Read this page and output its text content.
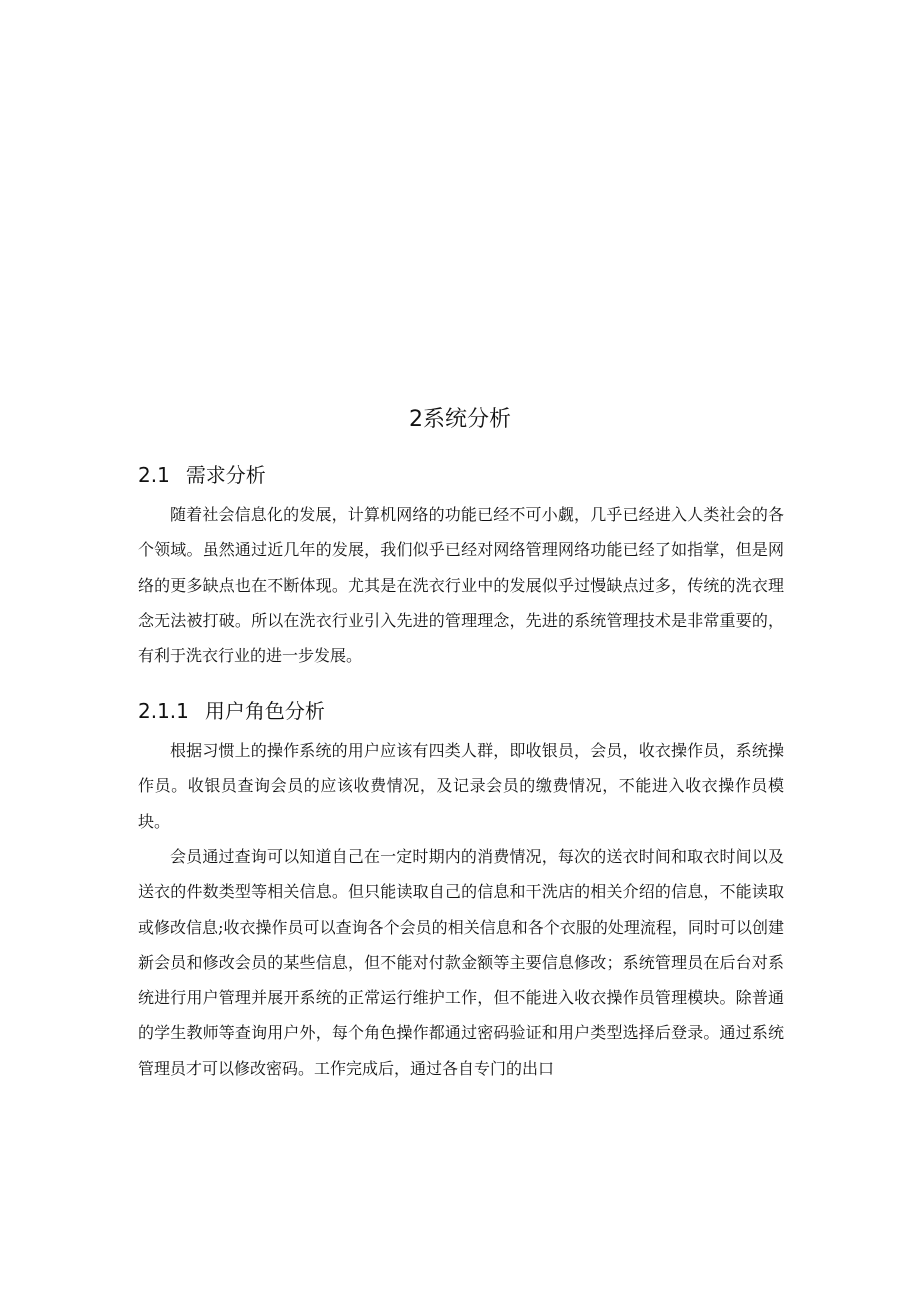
2系统分析
2.1 需求分析

随着社会信息化的发展，计算机网络的功能已经不可小觑，几乎已经进入人类社会的各个领域。虽然通过近几年的发展，我们似乎已经对网络管理网络功能已经了如指掌，但是网络的更多缺点也在不断体现。尤其是在洗衣行业中的发展似乎过慢缺点过多，传统的洗衣理念无法被打破。所以在洗衣行业引入先进的管理理念，先进的系统管理技术是非常重要的，有利于洗衣行业的进一步发展。

2.1.1 用户角色分析

根据习惯上的操作系统的用户应该有四类人群，即收银员，会员，收衣操作员，系统操作员。收银员查询会员的应该收费情况，及记录会员的缴费情况，不能进入收衣操作员模块。

会员通过查询可以知道自己在一定时期内的消费情况，每次的送衣时间和取衣时间以及送衣的件数类型等相关信息。但只能读取自己的信息和干洗店的相关介绍的信息，不能读取或修改信息;收衣操作员可以查询各个会员的相关信息和各个衣服的处理流程，同时可以创建新会员和修改会员的某些信息，但不能对付款金额等主要信息修改；系统管理员在后台对系统进行用户管理并展开系统的正常运行维护工作，但不能进入收衣操作员管理模块。除普通的学生教师等查询用户外，每个角色操作都通过密码验证和用户类型选择后登录。通过系统管理员才可以修改密码。工作完成后，通过各自专门的出口
